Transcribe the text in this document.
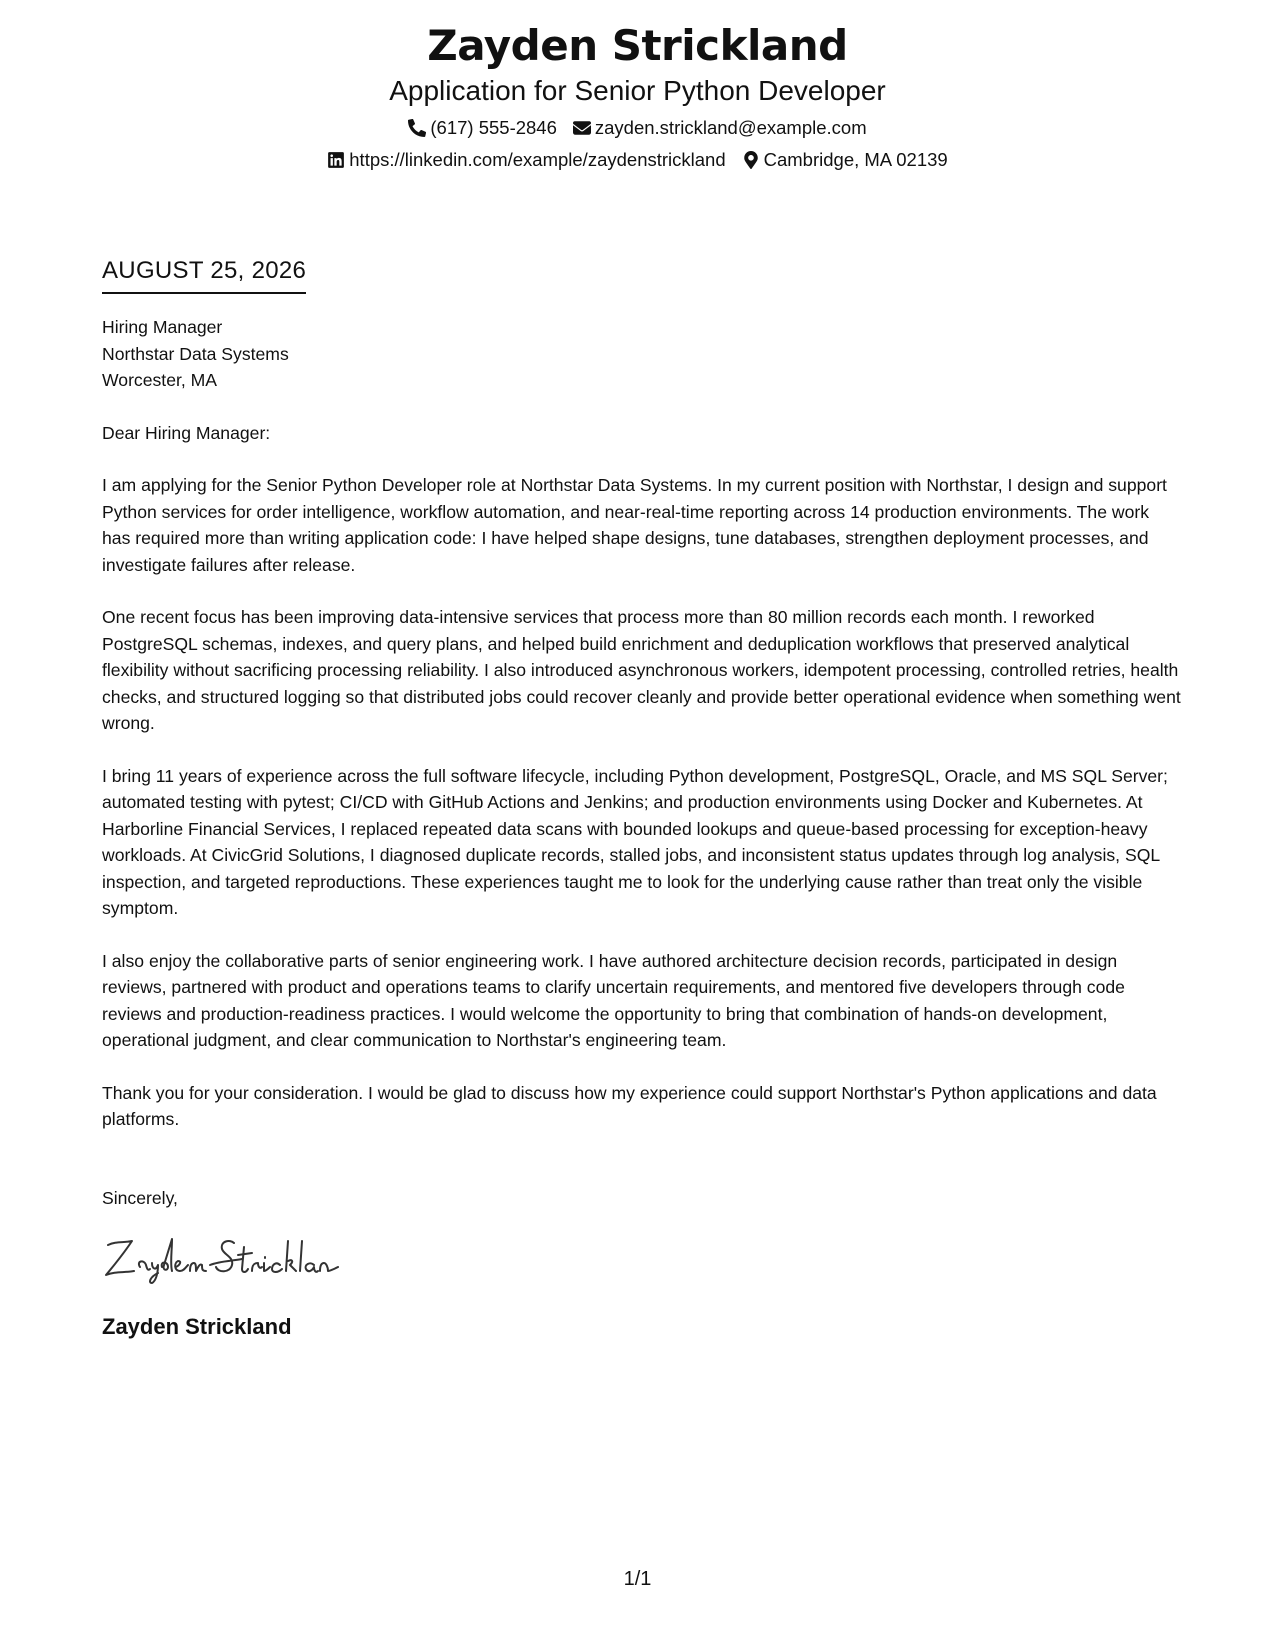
Zayden Strickland
Application for Senior Python Developer
(617) 555-2846 zayden.strickland@example.com
https://linkedin.com/example/zaydenstrickland Cambridge, MA 02139
AUGUST 25, 2026
Hiring Manager
Northstar Data Systems
Worcester, MA
Dear Hiring Manager:

I am applying for the Senior Python Developer role at Northstar Data Systems. In my current position with Northstar, I design and support Python services for order intelligence, workflow automation, and near-real-time reporting across 14 production environments. The work has required more than writing application code: I have helped shape designs, tune databases, strengthen deployment processes, and investigate failures after release.

One recent focus has been improving data-intensive services that process more than 80 million records each month. I reworked PostgreSQL schemas, indexes, and query plans, and helped build enrichment and deduplication workflows that preserved analytical flexibility without sacrificing processing reliability. I also introduced asynchronous workers, idempotent processing, controlled retries, health checks, and structured logging so that distributed jobs could recover cleanly and provide better operational evidence when something went wrong.

I bring 11 years of experience across the full software lifecycle, including Python development, PostgreSQL, Oracle, and MS SQL Server; automated testing with pytest; CI/CD with GitHub Actions and Jenkins; and production environments using Docker and Kubernetes. At Harborline Financial Services, I replaced repeated data scans with bounded lookups and queue-based processing for exception-heavy workloads. At CivicGrid Solutions, I diagnosed duplicate records, stalled jobs, and inconsistent status updates through log analysis, SQL inspection, and targeted reproductions. These experiences taught me to look for the underlying cause rather than treat only the visible symptom.

I also enjoy the collaborative parts of senior engineering work. I have authored architecture decision records, participated in design reviews, partnered with product and operations teams to clarify uncertain requirements, and mentored five developers through code reviews and production-readiness practices. I would welcome the opportunity to bring that combination of hands-on development, operational judgment, and clear communication to Northstar's engineering team.

Thank you for your consideration. I would be glad to discuss how my experience could support Northstar's Python applications and data platforms.

Sincerely,
Zayden Strickland
1/1
